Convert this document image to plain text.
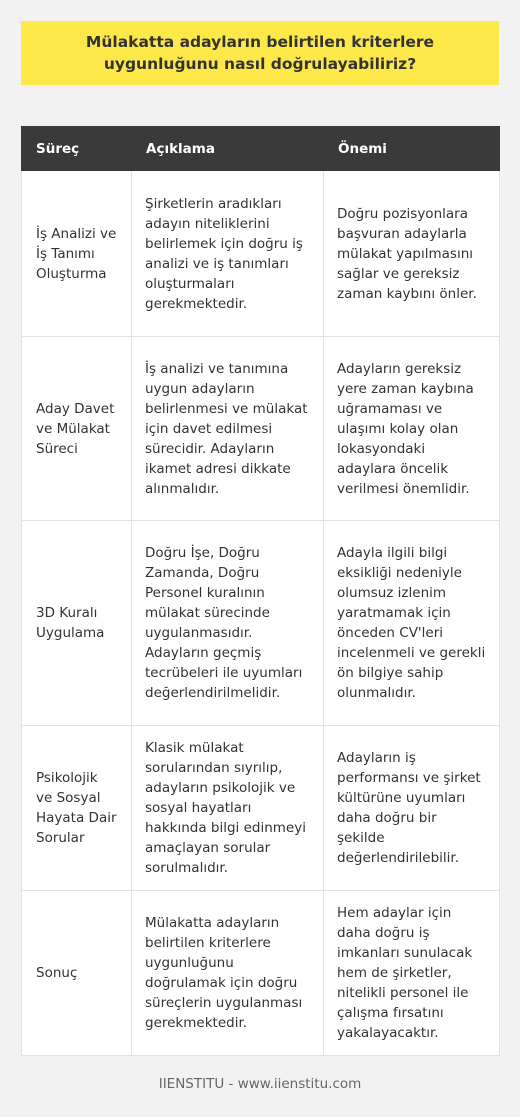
Mülakatta adayların belirtilen kriterlere uygunluğunu nasıl doğrulayabiliriz?
Süreç	Açıklama	Önemi
İş Analizi ve İş Tanımı Oluşturma	Şirketlerin aradıkları adayın niteliklerini belirlemek için doğru iş analizi ve iş tanımları oluşturmaları gerekmektedir.	Doğru pozisyonlara başvuran adaylarla mülakat yapılmasını sağlar ve gereksiz zaman kaybını önler.
Aday Davet ve Mülakat Süreci	İş analizi ve tanımına uygun adayların belirlenmesi ve mülakat için davet edilmesi sürecidir. Adayların ikamet adresi dikkate alınmalıdır.	Adayların gereksiz yere zaman kaybına uğramaması ve ulaşımı kolay olan lokasyondaki adaylara öncelik verilmesi önemlidir.
3D Kuralı Uygulama	Doğru İşe, Doğru Zamanda, Doğru Personel kuralının mülakat sürecinde uygulanmasıdır. Adayların geçmiş tecrübeleri ile uyumları değerlendirilmelidir.	Adayla ilgili bilgi eksikliği nedeniyle olumsuz izlenim yaratmamak için önceden CV'leri incelenmeli ve gerekli ön bilgiye sahip olunmalıdır.
Psikolojik ve Sosyal Hayata Dair Sorular	Klasik mülakat sorularından sıyrılıp, adayların psikolojik ve sosyal hayatları hakkında bilgi edinmeyi amaçlayan sorular sorulmalıdır.	Adayların iş performansı ve şirket kültürüne uyumları daha doğru bir şekilde değerlendirilebilir.
Sonuç	Mülakatta adayların belirtilen kriterlere uygunluğunu doğrulamak için doğru süreçlerin uygulanması gerekmektedir.	Hem adaylar için daha doğru iş imkanları sunulacak hem de şirketler, nitelikli personel ile çalışma fırsatını yakalayacaktır.
IIENSTITU - www.iienstitu.com
